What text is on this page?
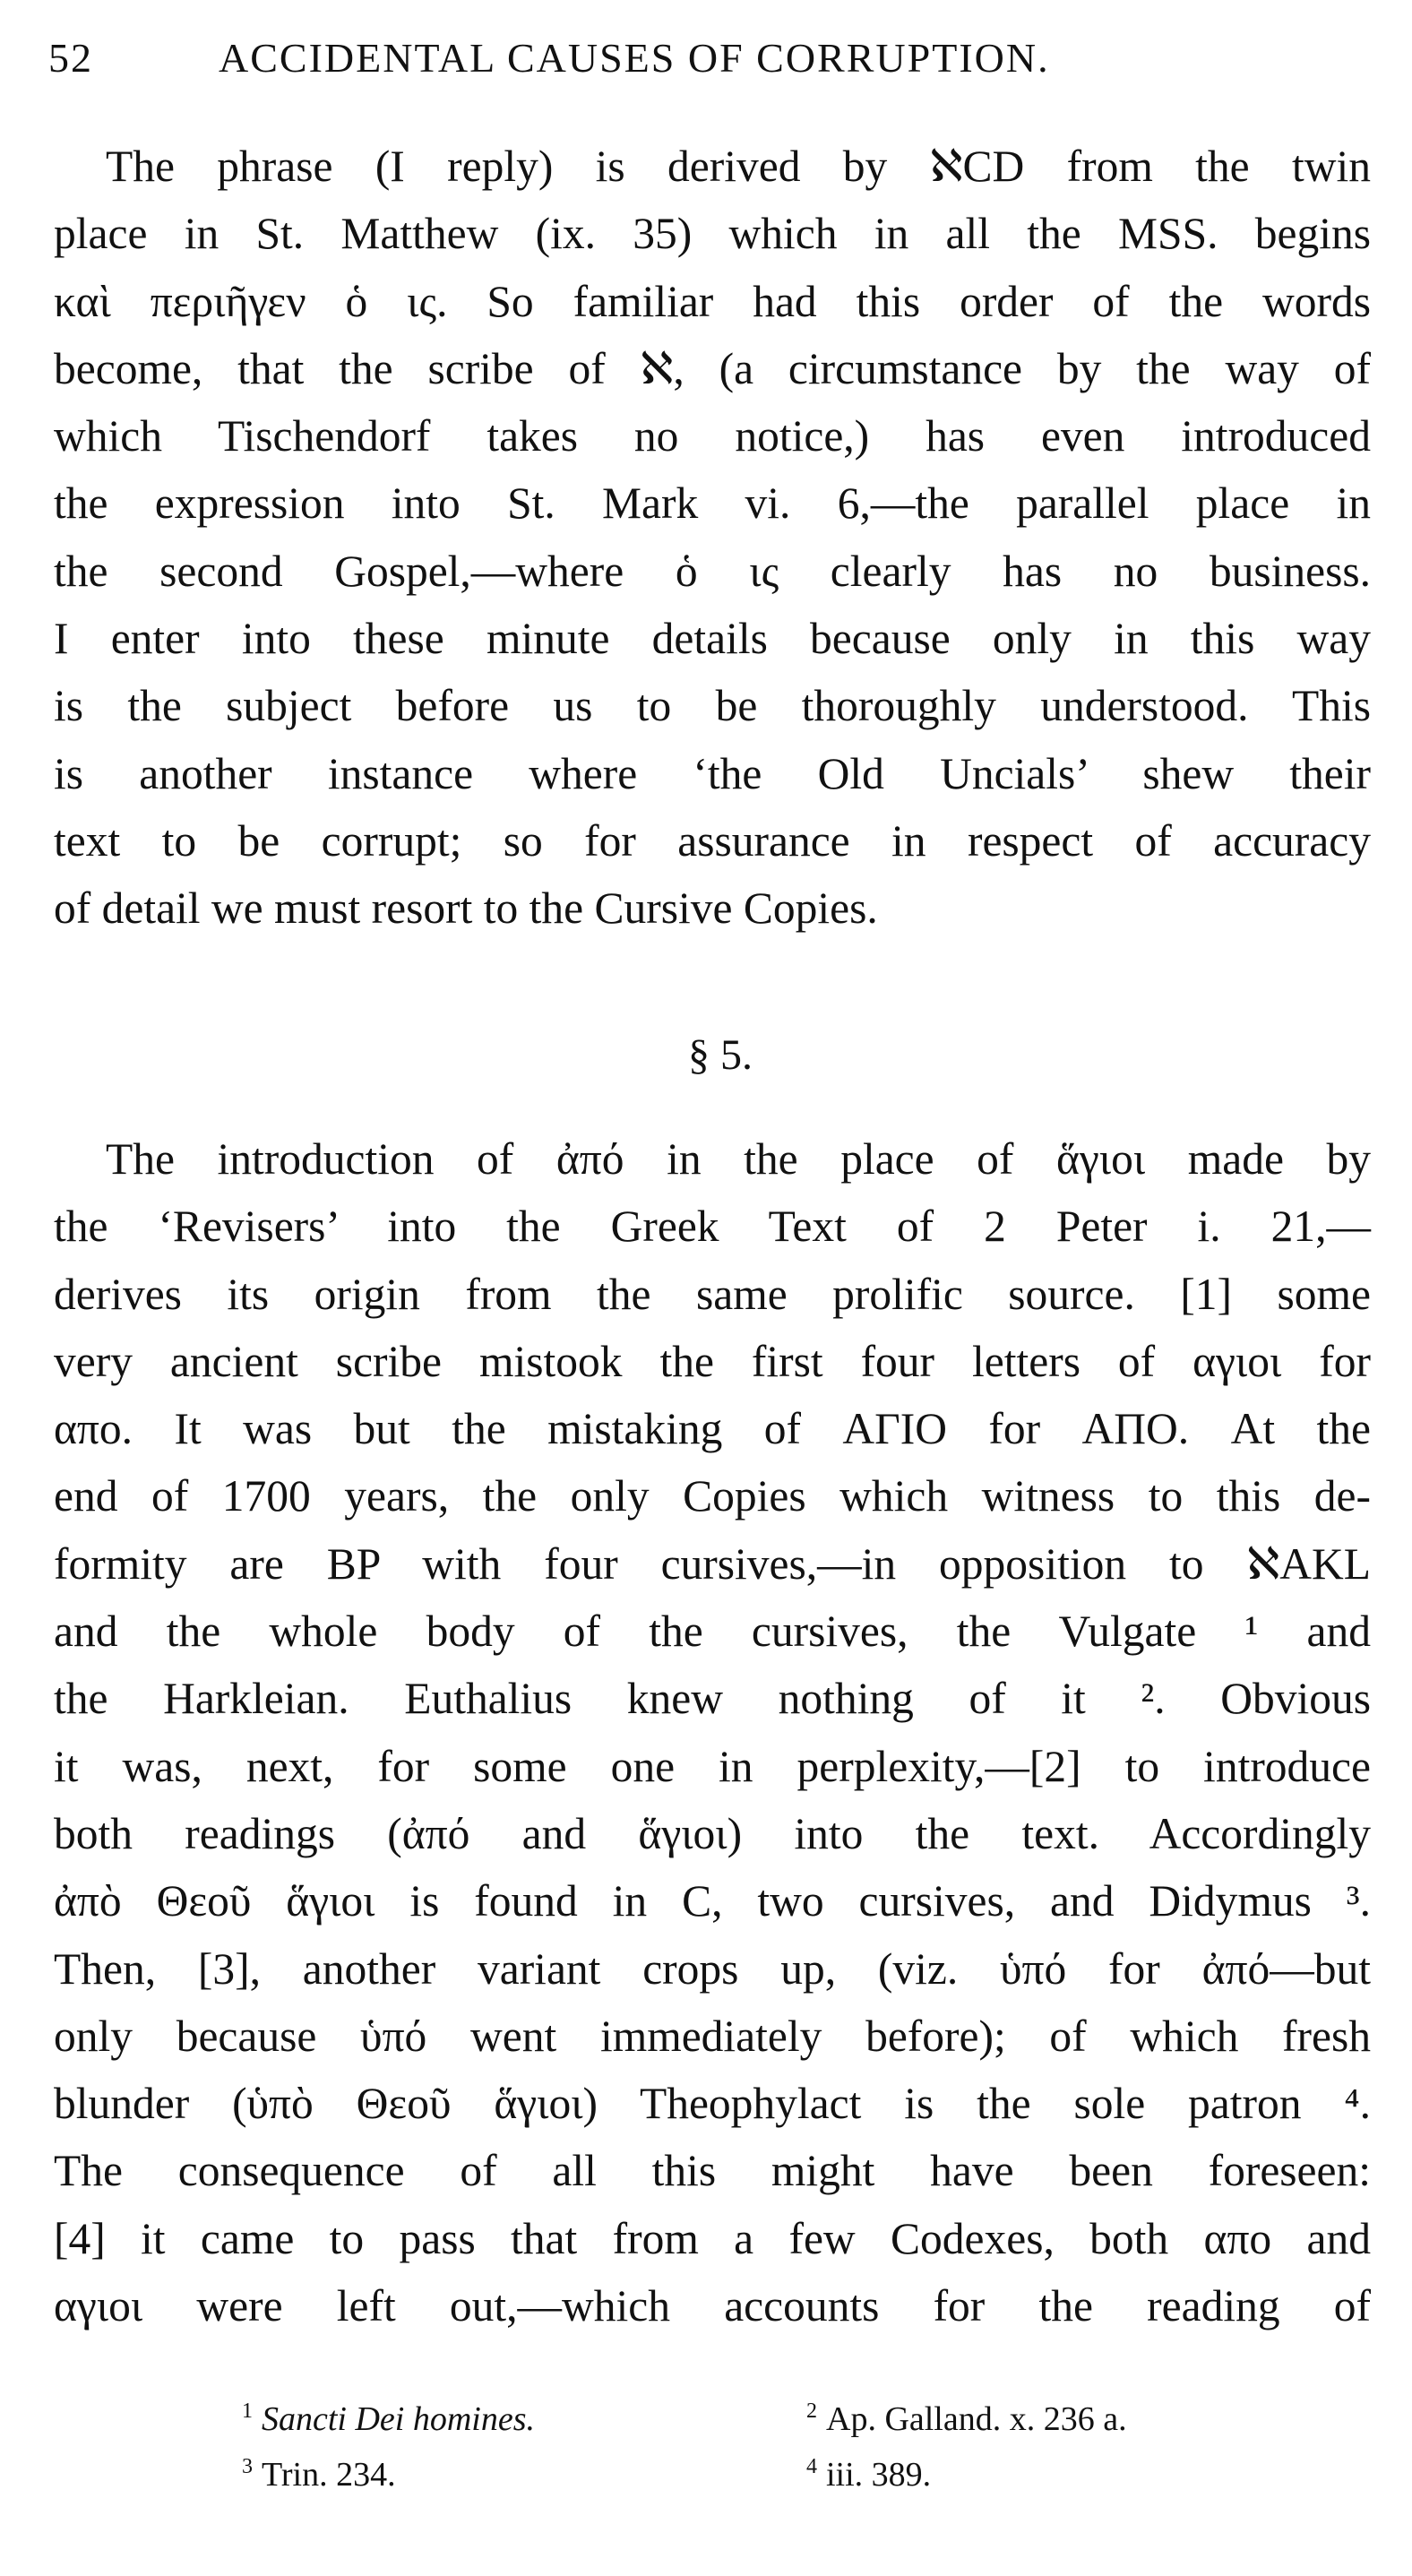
52	ACCIDENTAL CAUSES OF CORRUPTION.
The phrase (I reply) is derived by ℵCD from the twin
place in St. Matthew (ix. 35) which in all the MSS. begins
καὶ περιῆγεν ὁ ις. So familiar had this order of the words
become, that the scribe of ℵ, (a circumstance by the way of
which Tischendorf takes no notice,) has even introduced
the expression into St. Mark vi. 6,—the parallel place in
the second Gospel,—where ὁ ις clearly has no business.
I enter into these minute details because only in this way
is the subject before us to be thoroughly understood. This
is another instance where ‘the Old Uncials’ shew their
text to be corrupt; so for assurance in respect of accuracy
of detail we must resort to the Cursive Copies.
§ 5.
The introduction of ἀπό in the place of ἅγιοι made by
the ‘Revisers’ into the Greek Text of 2 Peter i. 21,—
derives its origin from the same prolific source. [1] some
very ancient scribe mistook the first four letters of αγιοι for
απο. It was but the mistaking of ΑΓΙΟ for ΑΠΟ. At the
end of 1700 years, the only Copies which witness to this de-
formity are BP with four cursives,—in opposition to ℵAKL
and the whole body of the cursives, the Vulgate ¹ and
the Harkleian. Euthalius knew nothing of it ². Obvious
it was, next, for some one in perplexity,—[2] to introduce
both readings (ἀπό and ἅγιοι) into the text. Accordingly
ἀπὸ Θεοῦ ἅγιοι is found in C, two cursives, and Didymus ³.
Then, [3], another variant crops up, (viz. ὑπό for ἀπό—but
only because ὑπό went immediately before); of which fresh
blunder (ὑπὸ Θεοῦ ἅγιοι) Theophylact is the sole patron ⁴.
The consequence of all this might have been foreseen:
[4] it came to pass that from a few Codexes, both απο and
αγιοι were left out,—which accounts for the reading of
$^1$ Sancti Dei homines.	$^2$ Ap. Galland. x. 236 a.
$^3$ Trin. 234.	$^4$ iii. 389.
